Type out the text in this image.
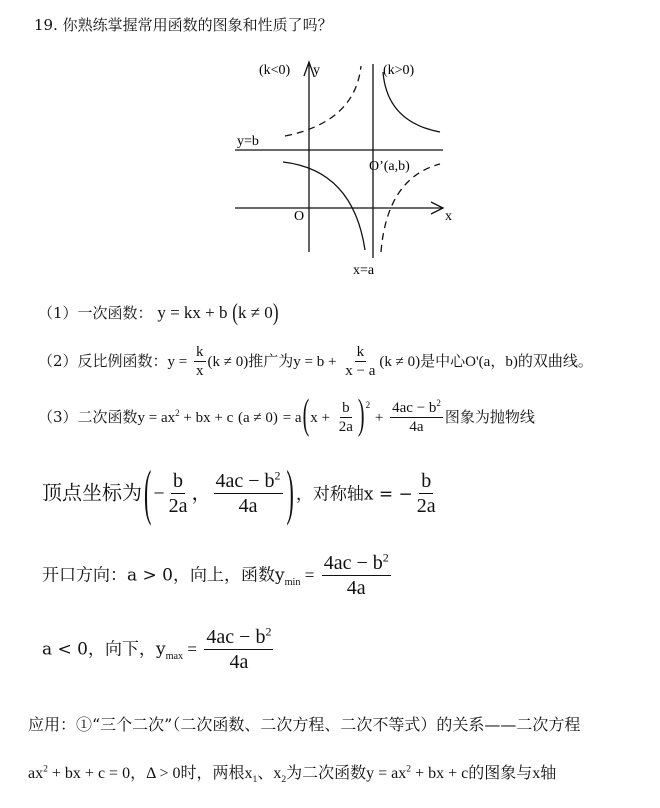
19. 你熟练掌握常用函数的图象和性质了吗？
(k<0) y	(k>0)
y=b
O’(a,b)
O	x
x=a
（1）一次函数： y = kx + b (k ≠ 0)
（2）反比例函数：$y = \frac{k}{x} (k \ne 0)$推广为$y = b + \frac{k}{x - a} (k \ne 0)$是中心O'(a，b)的双曲线。
（3）二次函数$y = ax^2$ + bx + c $(a \ne 0) = a(x + \frac{b}{2a} )^2 + \frac{4ac - b^2}{4a}$ 图象为抛物线
顶点坐标为( − $\frac{b}{2a}$ ， $\frac{4ac - b^2}{4a}$ ) ，对称轴x = − $\frac{b}{2a}$
开口方向：a > 0，向上，函数$y_{min} = \frac{4ac - b^2}{4a}$
a < 0，向下，$y_{max} = \frac{4ac - b^2}{4a}$
应用：①“三个二次”（二次函数、二次方程、二次不等式）的关系——二次方程
$ax^2$ + bx + c = 0，Δ > 0时，两根$x_1$、$x_2$为二次函数$y = ax^2$ + bx + c的图象与x轴
